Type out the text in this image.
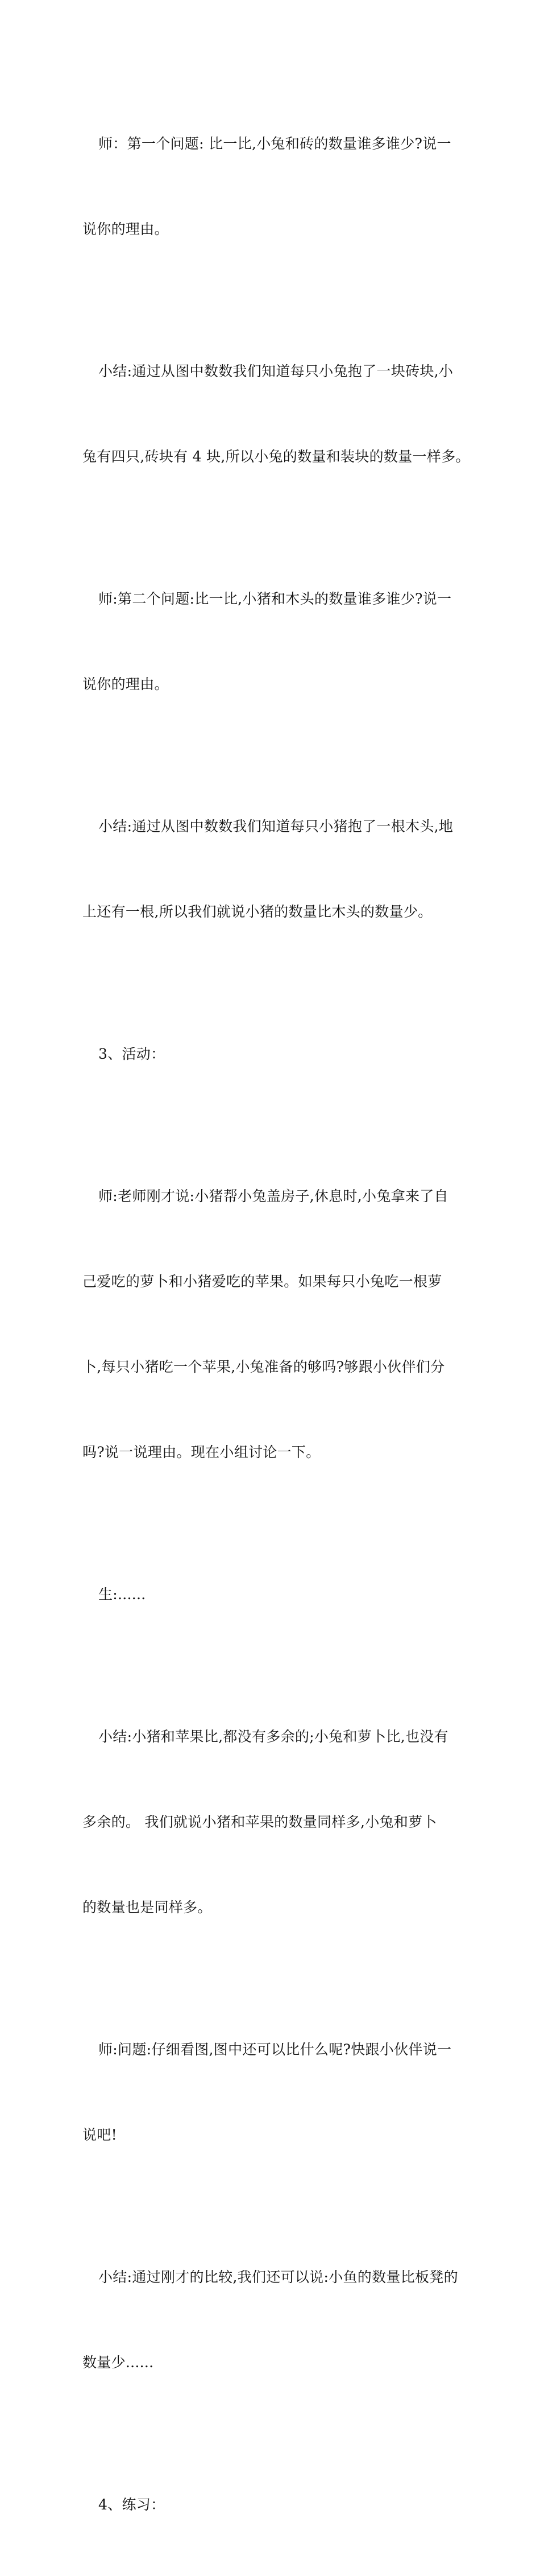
师：第一个问题: 比一比,小兔和砖的数量谁多谁少?说一

说你的理由。

小结:通过从图中数数我们知道每只小兔抱了一块砖块,小

兔有四只,砖块有 4 块,所以小兔的数量和装块的数量一样多。

师:第二个问题:比一比,小猪和木头的数量谁多谁少?说一

说你的理由。

小结:通过从图中数数我们知道每只小猪抱了一根木头,地

上还有一根,所以我们就说小猪的数量比木头的数量少。

3、活动：

师:老师刚才说:小猪帮小兔盖房子,休息时,小兔拿来了自

己爱吃的萝卜和小猪爱吃的苹果。如果每只小兔吃一根萝

卜,每只小猪吃一个苹果,小兔准备的够吗?够跟小伙伴们分

吗?说一说理由。现在小组讨论一下。

生:......

小结:小猪和苹果比,都没有多余的;小兔和萝卜比,也没有

多余的。 我们就说小猪和苹果的数量同样多,小兔和萝卜

的数量也是同样多。

师:问题:仔细看图,图中还可以比什么呢?快跟小伙伴说一

说吧!

小结:通过刚才的比较,我们还可以说:小鱼的数量比板凳的

数量少......

4、练习：
